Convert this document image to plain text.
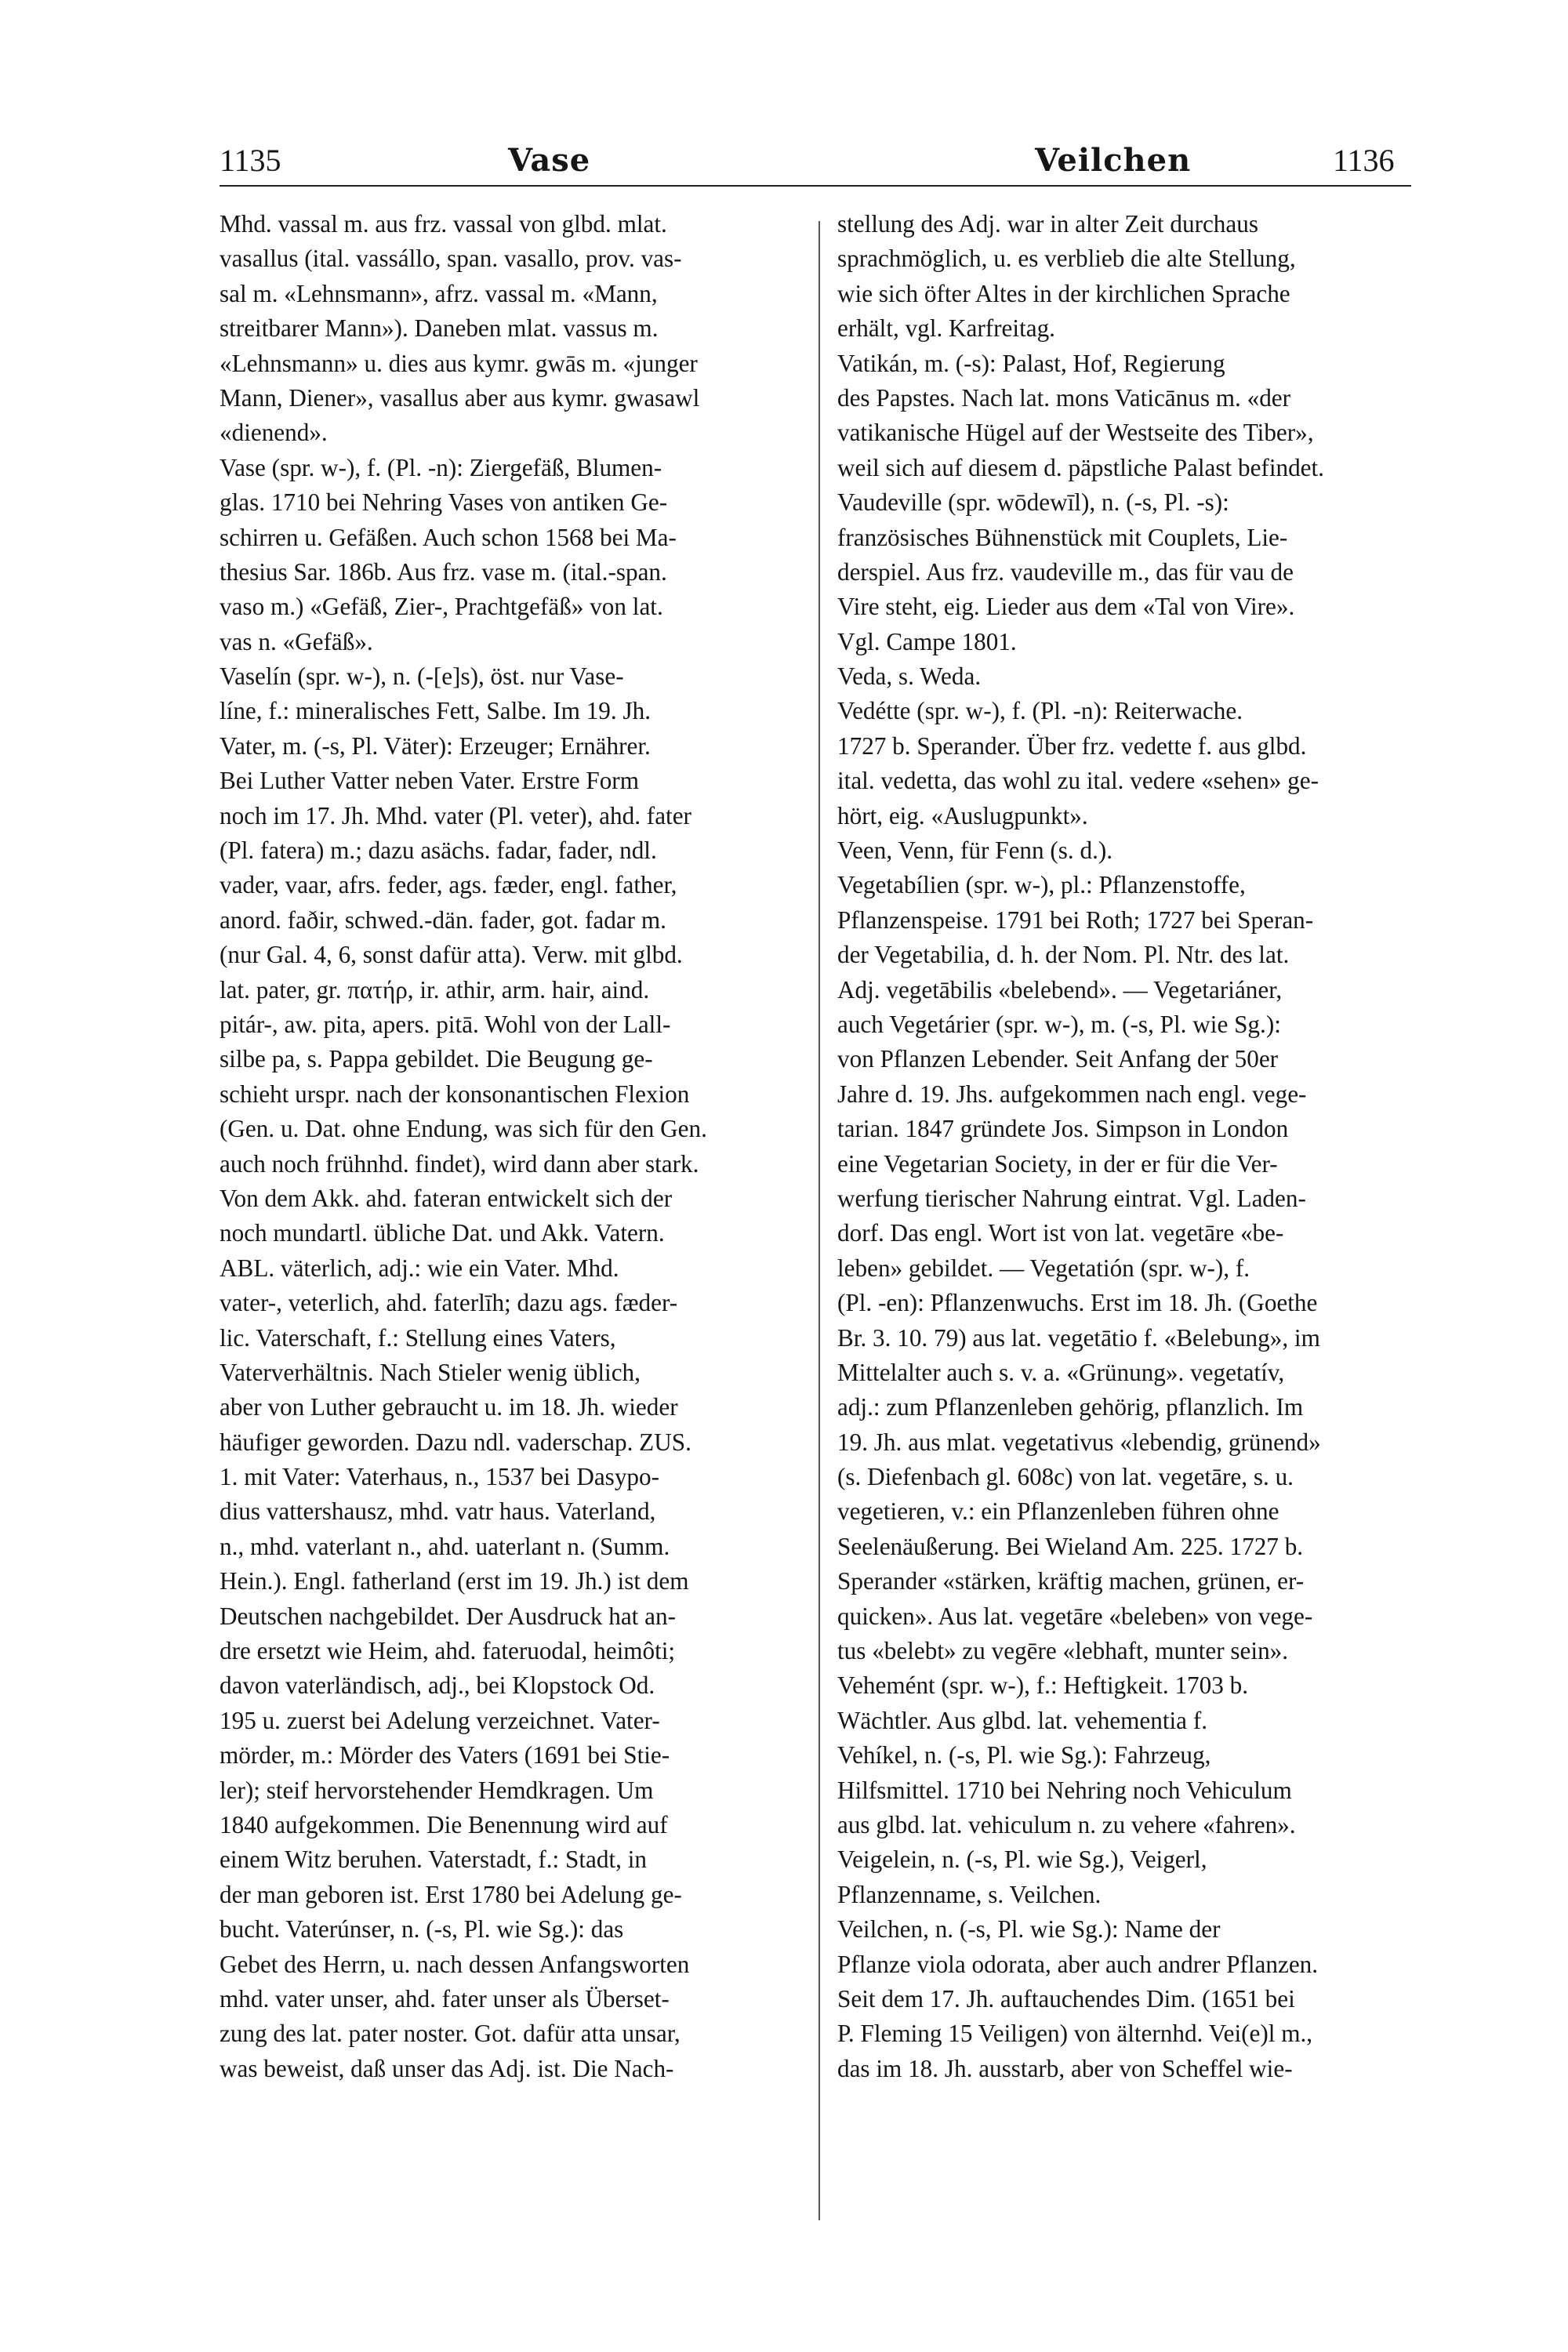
1135	Vase	Veilchen	1136
Mhd. vassal m. aus frz. vassal von glbd. mlat.
vasallus (ital. vassállo, span. vasallo, prov. vas-
sal m. «Lehnsmann», afrz. vassal m. «Mann,
streitbarer Mann»). Daneben mlat. vassus m.
«Lehnsmann» u. dies aus kymr. gwās m. «junger
Mann, Diener», vasallus aber aus kymr. gwasawl
«dienend».
Vase (spr. w-), f. (Pl. -n): Ziergefäß, Blumen-
glas. 1710 bei Nehring Vases von antiken Ge-
schirren u. Gefäßen. Auch schon 1568 bei Ma-
thesius Sar. 186b. Aus frz. vase m. (ital.-span.
vaso m.) «Gefäß, Zier-, Prachtgefäß» von lat.
vas n. «Gefäß».
Vaselín (spr. w-), n. (-[e]s), öst. nur Vase-
líne, f.: mineralisches Fett, Salbe. Im 19. Jh.
Vater, m. (-s, Pl. Väter): Erzeuger; Ernährer.
Bei Luther Vatter neben Vater. Erstre Form
noch im 17. Jh. Mhd. vater (Pl. veter), ahd. fater
(Pl. fatera) m.; dazu asächs. fadar, fader, ndl.
vader, vaar, afrs. feder, ags. fæder, engl. father,
anord. faðir, schwed.-dän. fader, got. fadar m.
(nur Gal. 4, 6, sonst dafür atta). Verw. mit glbd.
lat. pater, gr. πατήρ, ir. athir, arm. hair, aind.
pitár-, aw. pita, apers. pitā. Wohl von der Lall-
silbe pa, s. Pappa gebildet. Die Beugung ge-
schieht urspr. nach der konsonantischen Flexion
(Gen. u. Dat. ohne Endung, was sich für den Gen.
auch noch frühnhd. findet), wird dann aber stark.
Von dem Akk. ahd. fateran entwickelt sich der
noch mundartl. übliche Dat. und Akk. Vatern.
ABL. väterlich, adj.: wie ein Vater. Mhd.
vater-, veterlich, ahd. faterlīh; dazu ags. fæder-
lic. Vaterschaft, f.: Stellung eines Vaters,
Vaterverhältnis. Nach Stieler wenig üblich,
aber von Luther gebraucht u. im 18. Jh. wieder
häufiger geworden. Dazu ndl. vaderschap. ZUS.
1. mit Vater: Vaterhaus, n., 1537 bei Dasypo-
dius vattershausz, mhd. vatr haus. Vaterland,
n., mhd. vaterlant n., ahd. uaterlant n. (Summ.
Hein.). Engl. fatherland (erst im 19. Jh.) ist dem
Deutschen nachgebildet. Der Ausdruck hat an-
dre ersetzt wie Heim, ahd. fateruodal, heimôti;
davon vaterländisch, adj., bei Klopstock Od.
195 u. zuerst bei Adelung verzeichnet. Vater-
mörder, m.: Mörder des Vaters (1691 bei Stie-
ler); steif hervorstehender Hemdkragen. Um
1840 aufgekommen. Die Benennung wird auf
einem Witz beruhen. Vaterstadt, f.: Stadt, in
der man geboren ist. Erst 1780 bei Adelung ge-
bucht. Vaterúnser, n. (-s, Pl. wie Sg.): das
Gebet des Herrn, u. nach dessen Anfangsworten
mhd. vater unser, ahd. fater unser als Überset-
zung des lat. pater noster. Got. dafür atta unsar,
was beweist, daß unser das Adj. ist. Die Nach-
stellung des Adj. war in alter Zeit durchaus
sprachmöglich, u. es verblieb die alte Stellung,
wie sich öfter Altes in der kirchlichen Sprache
erhält, vgl. Karfreitag.
Vatikán, m. (-s): Palast, Hof, Regierung
des Papstes. Nach lat. mons Vaticānus m. «der
vatikanische Hügel auf der Westseite des Tiber»,
weil sich auf diesem d. päpstliche Palast befindet.
Vaudeville (spr. wōdewīl), n. (-s, Pl. -s):
französisches Bühnenstück mit Couplets, Lie-
derspiel. Aus frz. vaudeville m., das für vau de
Vire steht, eig. Lieder aus dem «Tal von Vire».
Vgl. Campe 1801.
Veda, s. Weda.
Vedétte (spr. w-), f. (Pl. -n): Reiterwache.
1727 b. Sperander. Über frz. vedette f. aus glbd.
ital. vedetta, das wohl zu ital. vedere «sehen» ge-
hört, eig. «Auslugpunkt».
Veen, Venn, für Fenn (s. d.).
Vegetabílien (spr. w-), pl.: Pflanzenstoffe,
Pflanzenspeise. 1791 bei Roth; 1727 bei Speran-
der Vegetabilia, d. h. der Nom. Pl. Ntr. des lat.
Adj. vegetābilis «belebend». — Vegetariáner,
auch Vegetárier (spr. w-), m. (-s, Pl. wie Sg.):
von Pflanzen Lebender. Seit Anfang der 50er
Jahre d. 19. Jhs. aufgekommen nach engl. vege-
tarian. 1847 gründete Jos. Simpson in London
eine Vegetarian Society, in der er für die Ver-
werfung tierischer Nahrung eintrat. Vgl. Laden-
dorf. Das engl. Wort ist von lat. vegetāre «be-
leben» gebildet. — Vegetatión (spr. w-), f.
(Pl. -en): Pflanzenwuchs. Erst im 18. Jh. (Goethe
Br. 3. 10. 79) aus lat. vegetātio f. «Belebung», im
Mittelalter auch s. v. a. «Grünung». vegetatív,
adj.: zum Pflanzenleben gehörig, pflanzlich. Im
19. Jh. aus mlat. vegetativus «lebendig, grünend»
(s. Diefenbach gl. 608c) von lat. vegetāre, s. u.
vegetieren, v.: ein Pflanzenleben führen ohne
Seelenäußerung. Bei Wieland Am. 225. 1727 b.
Sperander «stärken, kräftig machen, grünen, er-
quicken». Aus lat. vegetāre «beleben» von vege-
tus «belebt» zu vegēre «lebhaft, munter sein».
Vehemént (spr. w-), f.: Heftigkeit. 1703 b.
Wächtler. Aus glbd. lat. vehementia f.
Vehíkel, n. (-s, Pl. wie Sg.): Fahrzeug,
Hilfsmittel. 1710 bei Nehring noch Vehiculum
aus glbd. lat. vehiculum n. zu vehere «fahren».
Veigelein, n. (-s, Pl. wie Sg.), Veigerl,
Pflanzenname, s. Veilchen.
Veilchen, n. (-s, Pl. wie Sg.): Name der
Pflanze viola odorata, aber auch andrer Pflanzen.
Seit dem 17. Jh. auftauchendes Dim. (1651 bei
P. Fleming 15 Veiligen) von älternhd. Vei(e)l m.,
das im 18. Jh. ausstarb, aber von Scheffel wie-
